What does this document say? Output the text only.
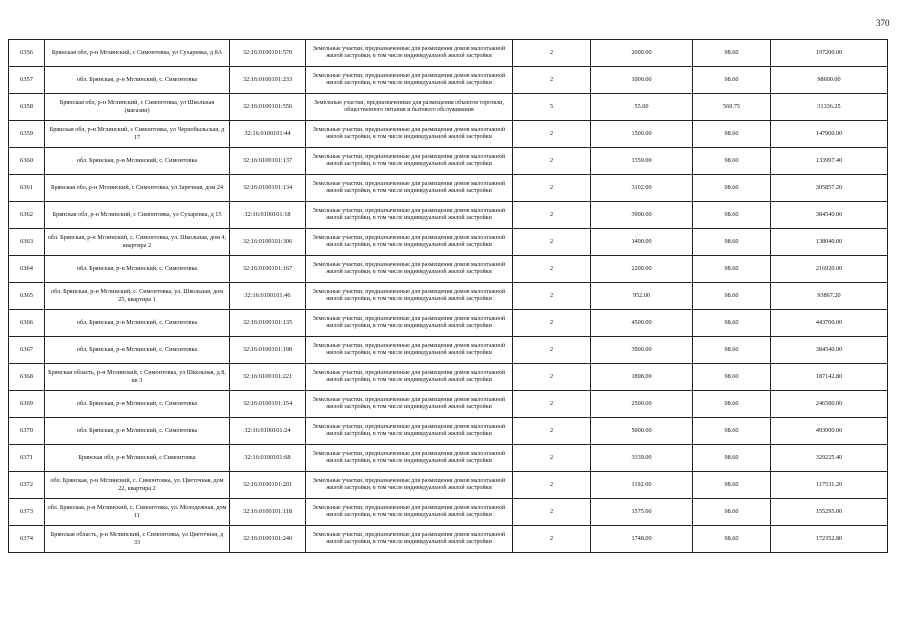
370
6356	Брянская обл, р-н Мглинский, с Симонтовка, ул Сухаревка, д 8А	32:16:0100101:570	Земельные участки, предназначенные для размещения домов малоэтажной жилой застройки, в том числе индивидуальной жилой застройки	2	2000.00	98.60	197200.00
6357	обл. Брянская, р-н Мглинский, с. Симонтовка	32:16:0100101:233	Земельные участки, предназначенные для размещения домов малоэтажной жилой застройки, в том числе индивидуальной жилой застройки	2	1000.00	98.60	98600.00
6358	Брянская обл, р-н Мглинский, с Симонтовка, ул Школьная (магазин)	32:16:0100101:556	Земельные участки, предназначенные для размещения объектов торговли, общественного питания и бытового обслуживания	5	55.00	569.75	31336.25
6359	Брянская обл, р-н Мглинский, с Симонтовка, ул Чернобыльская, д 17	32:16:0100101:44	Земельные участки, предназначенные для размещения домов малоэтажной жилой застройки, в том числе индивидуальной жилой застройки	2	1500.00	98.60	147900.00
6360	обл. Брянская, р-н Мглинский, с. Симонтовка	32:16:0100101:137	Земельные участки, предназначенные для размещения домов малоэтажной жилой застройки, в том числе индивидуальной жилой застройки	2	1359.00	98.60	133997.40
6361	Брянская обл, р-н Мглинский, с Симонтовка, ул Заречная, дом 24	32:16:0100101:134	Земельные участки, предназначенные для размещения домов малоэтажной жилой застройки, в том числе индивидуальной жилой застройки	2	3102.00	98.60	305857.20
6362	Брянская обл, р-н Мглинский, с Симонтовка, ул Сухаревка, д 15	32:16:0100101:18	Земельные участки, предназначенные для размещения домов малоэтажной жилой застройки, в том числе индивидуальной жилой застройки	2	3900.00	98.60	384540.00
6363	обл. Брянская, р-н Мглинский, с. Симонтовка, ул. Школьная, дом 4, квартира 2	32:16:0100101:306	Земельные участки, предназначенные для размещения домов малоэтажной жилой застройки, в том числе индивидуальной жилой застройки	2	1400.00	98.60	138040.00
6364	обл. Брянская, р-н Мглинский, с. Симонтовка	32:16:0100101:167	Земельные участки, предназначенные для размещения домов малоэтажной жилой застройки, в том числе индивидуальной жилой застройки	2	2200.00	98.60	216920.00
6365	обл. Брянская, р-н Мглинский, с. Симонтовка, ул. Школьная, дом 25, квартира 1	32:16:0100101:46	Земельные участки, предназначенные для размещения домов малоэтажной жилой застройки, в том числе индивидуальной жилой застройки	2	952.00	98.60	93867.20
6366	обл. Брянская, р-н Мглинский, с. Симонтовка	32:16:0100101:135	Земельные участки, предназначенные для размещения домов малоэтажной жилой застройки, в том числе индивидуальной жилой застройки	2	4500.00	98.60	443700.00
6367	обл. Брянская, р-н Мглинский, с. Симонтовка	32:16:0100101:198	Земельные участки, предназначенные для размещения домов малоэтажной жилой застройки, в том числе индивидуальной жилой застройки	2	3900.00	98.60	384540.00
6368	Брянская область, р-н Мглинский, с Симонтовка, ул Школьная, д 8, кв 3	32:16:0100101:221	Земельные участки, предназначенные для размещения домов малоэтажной жилой застройки, в том числе индивидуальной жилой застройки	2	1898.00	98.60	187142.80
6369	обл. Брянская, р-н Мглинский, с. Симонтовка	32:16:0100101:154	Земельные участки, предназначенные для размещения домов малоэтажной жилой застройки, в том числе индивидуальной жилой застройки	2	2500.00	98.60	246500.00
6370	обл. Брянская, р-н Мглинский, с. Симонтовка	32:16:0100101:24	Земельные участки, предназначенные для размещения домов малоэтажной жилой застройки, в том числе индивидуальной жилой застройки	2	5000.00	98.60	493000.00
6371	Брянская обл, р-н Мглинский, с Симонтовка	32:16:0100101:68	Земельные участки, предназначенные для размещения домов малоэтажной жилой застройки, в том числе индивидуальной жилой застройки	2	3339.00	98.60	329225.40
6372	обл. Брянская, р-н Мглинский, с. Симонтовка, ул. Цветочная, дом 22, квартира 2	32:16:0100101:201	Земельные участки, предназначенные для размещения домов малоэтажной жилой застройки, в том числе индивидуальной жилой застройки	2	1192.00	98.60	117531.20
6373	обл. Брянская, р-н Мглинский, с. Симонтовка, ул. Молодежная, дом 11	32:16:0100101:118	Земельные участки, предназначенные для размещения домов малоэтажной жилой застройки, в том числе индивидуальной жилой застройки	2	1575.00	98.60	155295.00
6374	Брянская область, р-н Мглинский, с Симонтовка, ул Цветочная, д 33	32:16:0100101:240	Земельные участки, предназначенные для размещения домов малоэтажной жилой застройки, в том числе индивидуальной жилой застройки	2	1748.00	98.60	172352.80
